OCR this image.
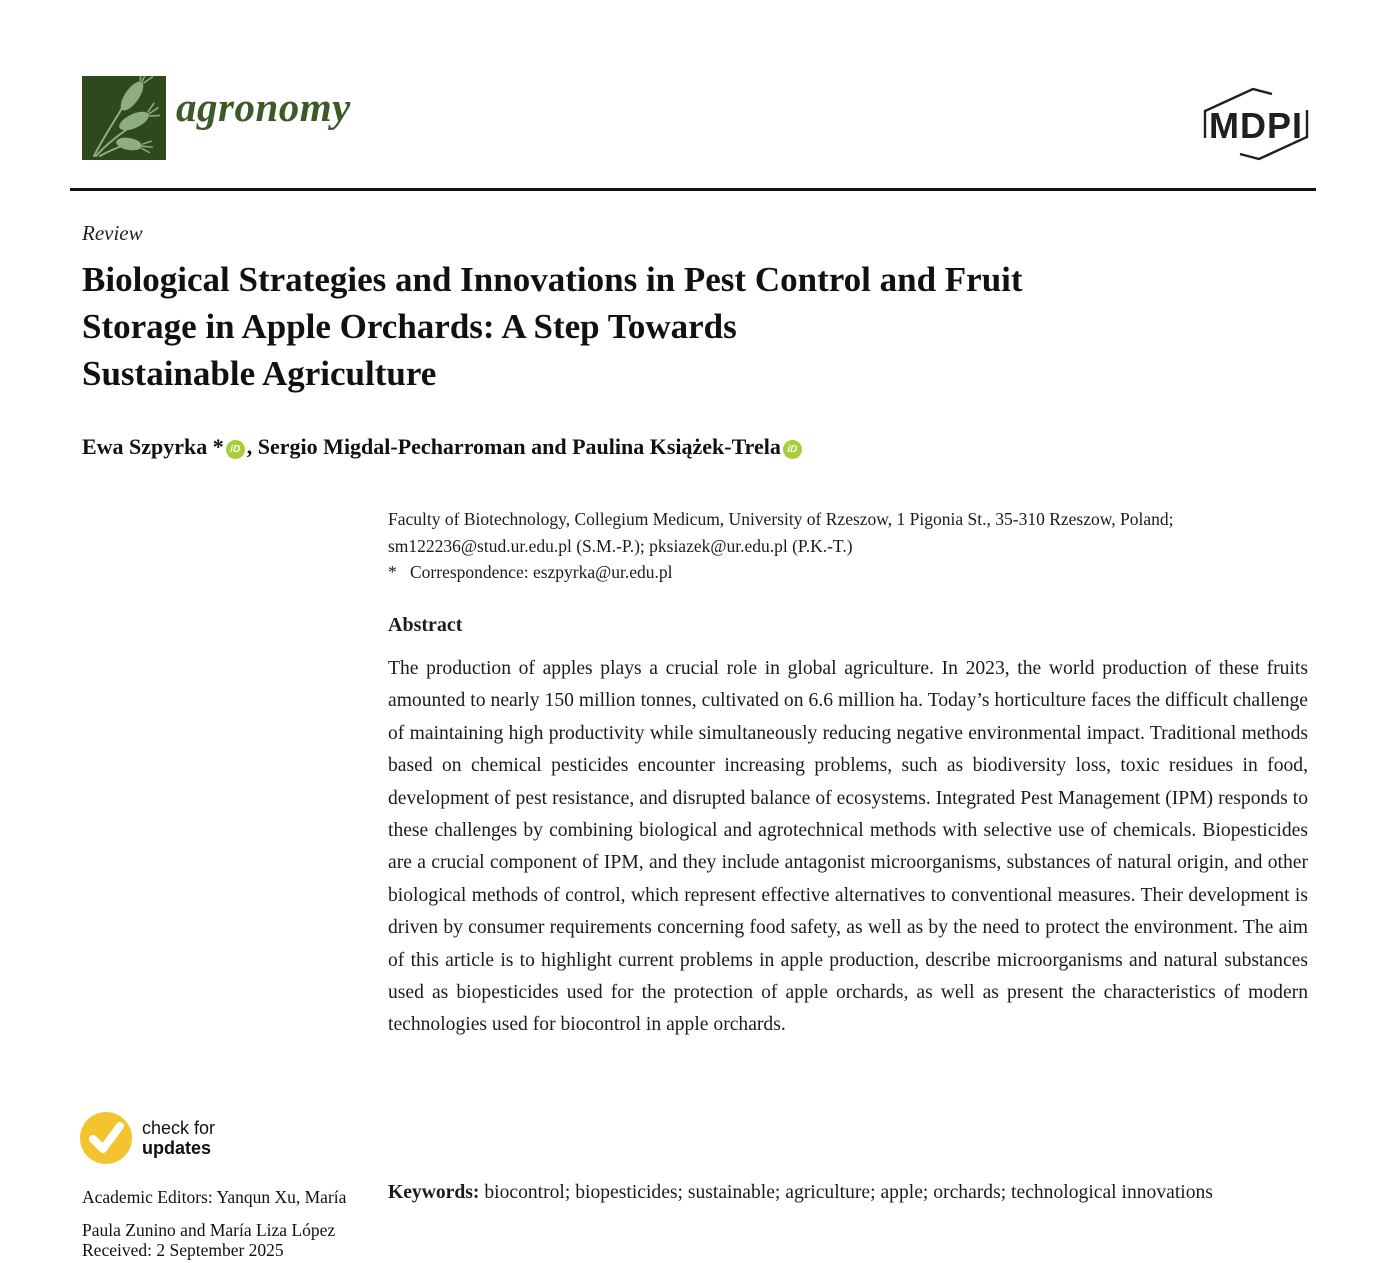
agronomy	MDPI
Review
Biological Strategies and Innovations in Pest Control and Fruit
Storage in Apple Orchards: A Step Towards
Sustainable Agriculture
Ewa Szpyrka * iD , Sergio Migdal-Pecharroman and Paulina Książek-Trela iD
Faculty of Biotechnology, Collegium Medicum, University of Rzeszow, 1 Pigonia St., 35-310 Rzeszow, Poland;
sm122236@stud.ur.edu.pl (S.M.-P.); pksiazek@ur.edu.pl (P.K.-T.)
* Correspondence: eszpyrka@ur.edu.pl
Abstract

The production of apples plays a crucial role in global agriculture. In 2023, the world production of these fruits amounted to nearly 150 million tonnes, cultivated on 6.6 million ha. Today’s horticulture faces the difficult challenge of maintaining high productivity while simultaneously reducing negative environmental impact. Traditional methods based on chemical pesticides encounter increasing problems, such as biodiversity loss, toxic residues in food, development of pest resistance, and disrupted balance of ecosystems. Integrated Pest Management (IPM) responds to these challenges by combining biological and agrotechnical methods with selective use of chemicals. Biopesticides are a crucial component of IPM, and they include antagonist microorganisms, substances of natural origin, and other biological methods of control, which represent effective alternatives to conventional measures. Their development is driven by consumer requirements concerning food safety, as well as by the need to protect the environment. The aim of this article is to highlight current problems in apple production, describe microorganisms and natural substances used as biopesticides used for the protection of apple orchards, as well as present the characteristics of modern technologies used for biocontrol in apple orchards.

Keywords: biocontrol; biopesticides; sustainable; agriculture; apple; orchards; technological innovations

check for
updates
Academic Editors: Yanqun Xu, María
Paula Zunino and María Liza López
Received: 2 September 2025
